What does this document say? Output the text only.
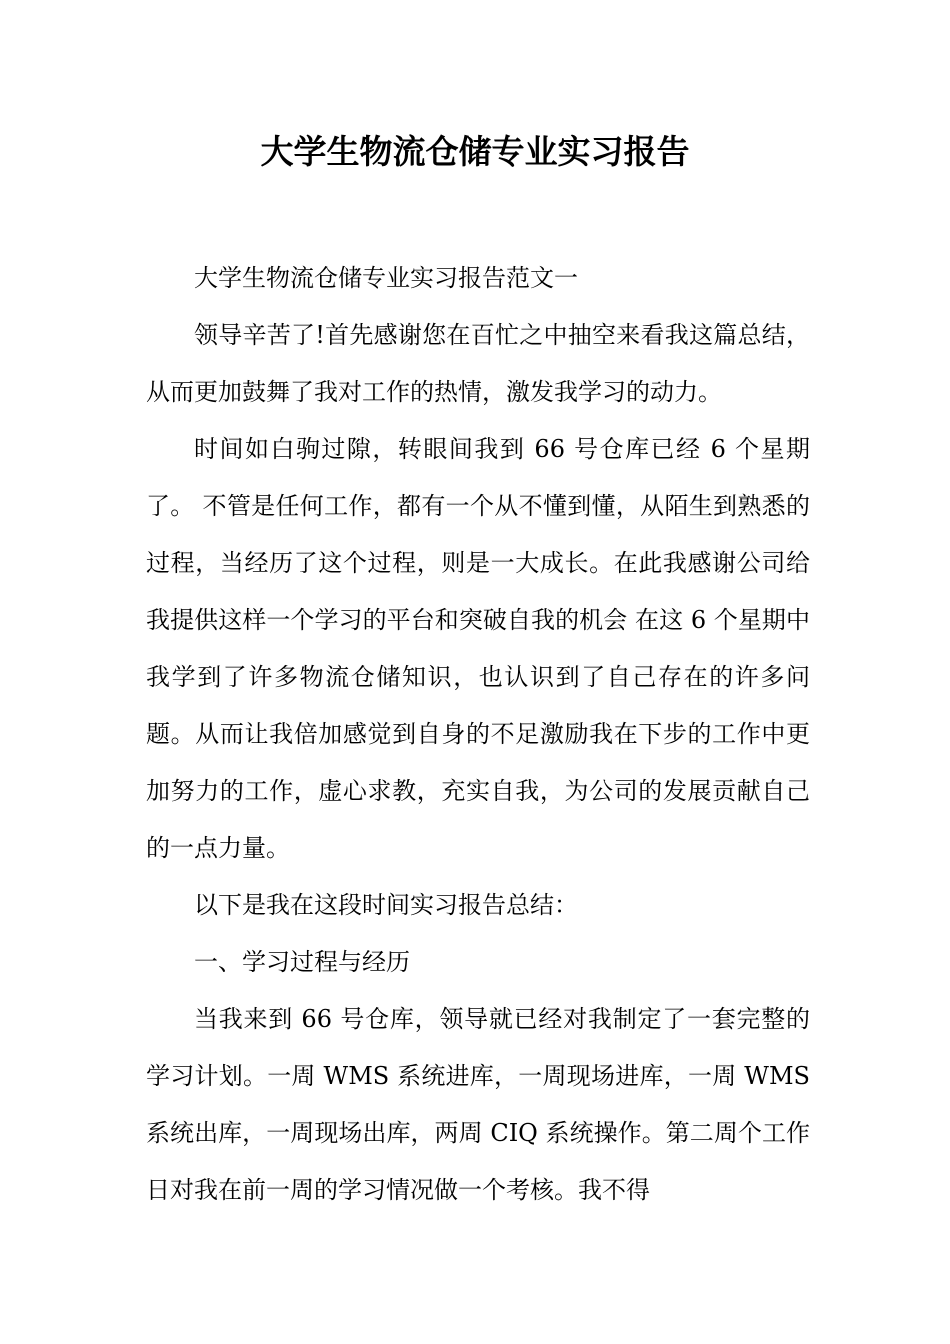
大学生物流仓储专业实习报告

大学生物流仓储专业实习报告范文一

领导辛苦了!首先感谢您在百忙之中抽空来看我这篇总结，从而更加鼓舞了我对工作的热情，激发我学习的动力。

时间如白驹过隙，转眼间我到 66 号仓库已经 6 个星期了。 不管是任何工作，都有一个从不懂到懂，从陌生到熟悉的过程，当经历了这个过程，则是一大成长。在此我感谢公司给我提供这样一个学习的平台和突破自我的机会 在这 6 个星期中我学到了许多物流仓储知识，也认识到了自己存在的许多问题。从而让我倍加感觉到自身的不足激励我在下步的工作中更加努力的工作，虚心求教，充实自我，为公司的发展贡献自己的一点力量。

以下是我在这段时间实习报告总结：

一、学习过程与经历

当我来到 66 号仓库，领导就已经对我制定了一套完整的学习计划。一周 WMS 系统进库，一周现场进库，一周 WMS 系统出库，一周现场出库，两周 CIQ 系统操作。第二周个工作日对我在前一周的学习情况做一个考核。我不得
